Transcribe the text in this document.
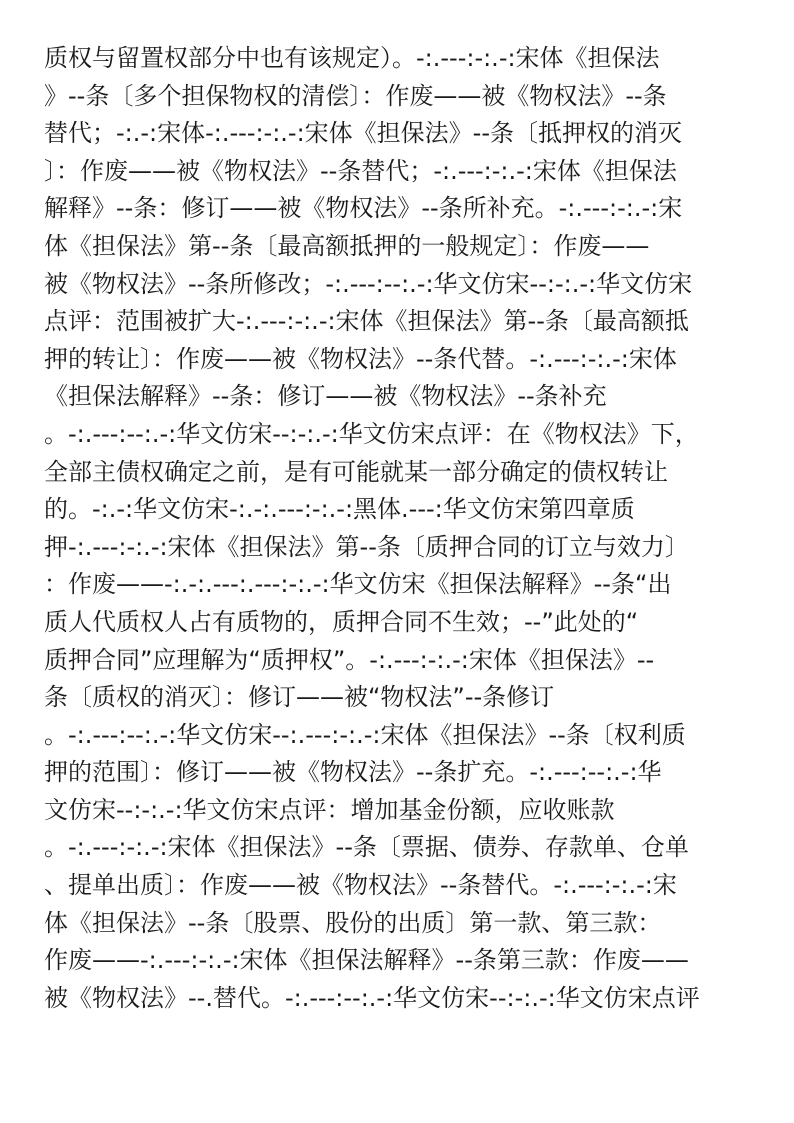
质权与留置权部分中也有该规定）。-:.---:-:.-:宋体《担保法
》--条〔多个担保物权的清偿〕：作废——被《物权法》--条
替代；-:.-:宋体-:.---:-:.-:宋体《担保法》--条〔抵押权的消灭
〕：作废——被《物权法》--条替代；-:.---:-:.-:宋体《担保法
解释》--条：修订——被《物权法》--条所补充。-:.---:-:.-:宋
体《担保法》第--条〔最高额抵押的一般规定〕：作废——
被《物权法》--条所修改；-:.---:--:.-:华文仿宋--:-:.-:华文仿宋
点评：范围被扩大-:.---:-:.-:宋体《担保法》第--条〔最高额抵
押的转让〕：作废——被《物权法》--条代替。-:.---:-:.-:宋体
《担保法解释》--条：修订——被《物权法》--条补充
。-:.---:--:.-:华文仿宋--:-:.-:华文仿宋点评：在《物权法》下，
全部主债权确定之前，是有可能就某一部分确定的债权转让
的。-:.-:华文仿宋-:.-:.---:-:.-:黑体.---:华文仿宋第四章质
押-:.---:-:.-:宋体《担保法》第--条〔质押合同的订立与效力〕
：作废——-:.-:.---:.---:-:.-:华文仿宋《担保法解释》--条“出
质人代质权人占有质物的，质押合同不生效；--”此处的“
质押合同”应理解为“质押权”。-:.---:-:.-:宋体《担保法》--
条〔质权的消灭〕：修订——被“物权法”--条修订
。-:.---:--:.-:华文仿宋--:.---:-:.-:宋体《担保法》--条〔权利质
押的范围〕：修订——被《物权法》--条扩充。-:.---:--:.-:华
文仿宋--:-:.-:华文仿宋点评：增加基金份额，应收账款
。-:.---:-:.-:宋体《担保法》--条〔票据、债券、存款单、仓单
、提单出质〕：作废——被《物权法》--条替代。-:.---:-:.-:宋
体《担保法》--条〔股票、股份的出质〕第一款、第三款：
作废——-:.---:-:.-:宋体《担保法解释》--条第三款：作废——
被《物权法》--.替代。-:.---:--:.-:华文仿宋--:-:.-:华文仿宋点评
